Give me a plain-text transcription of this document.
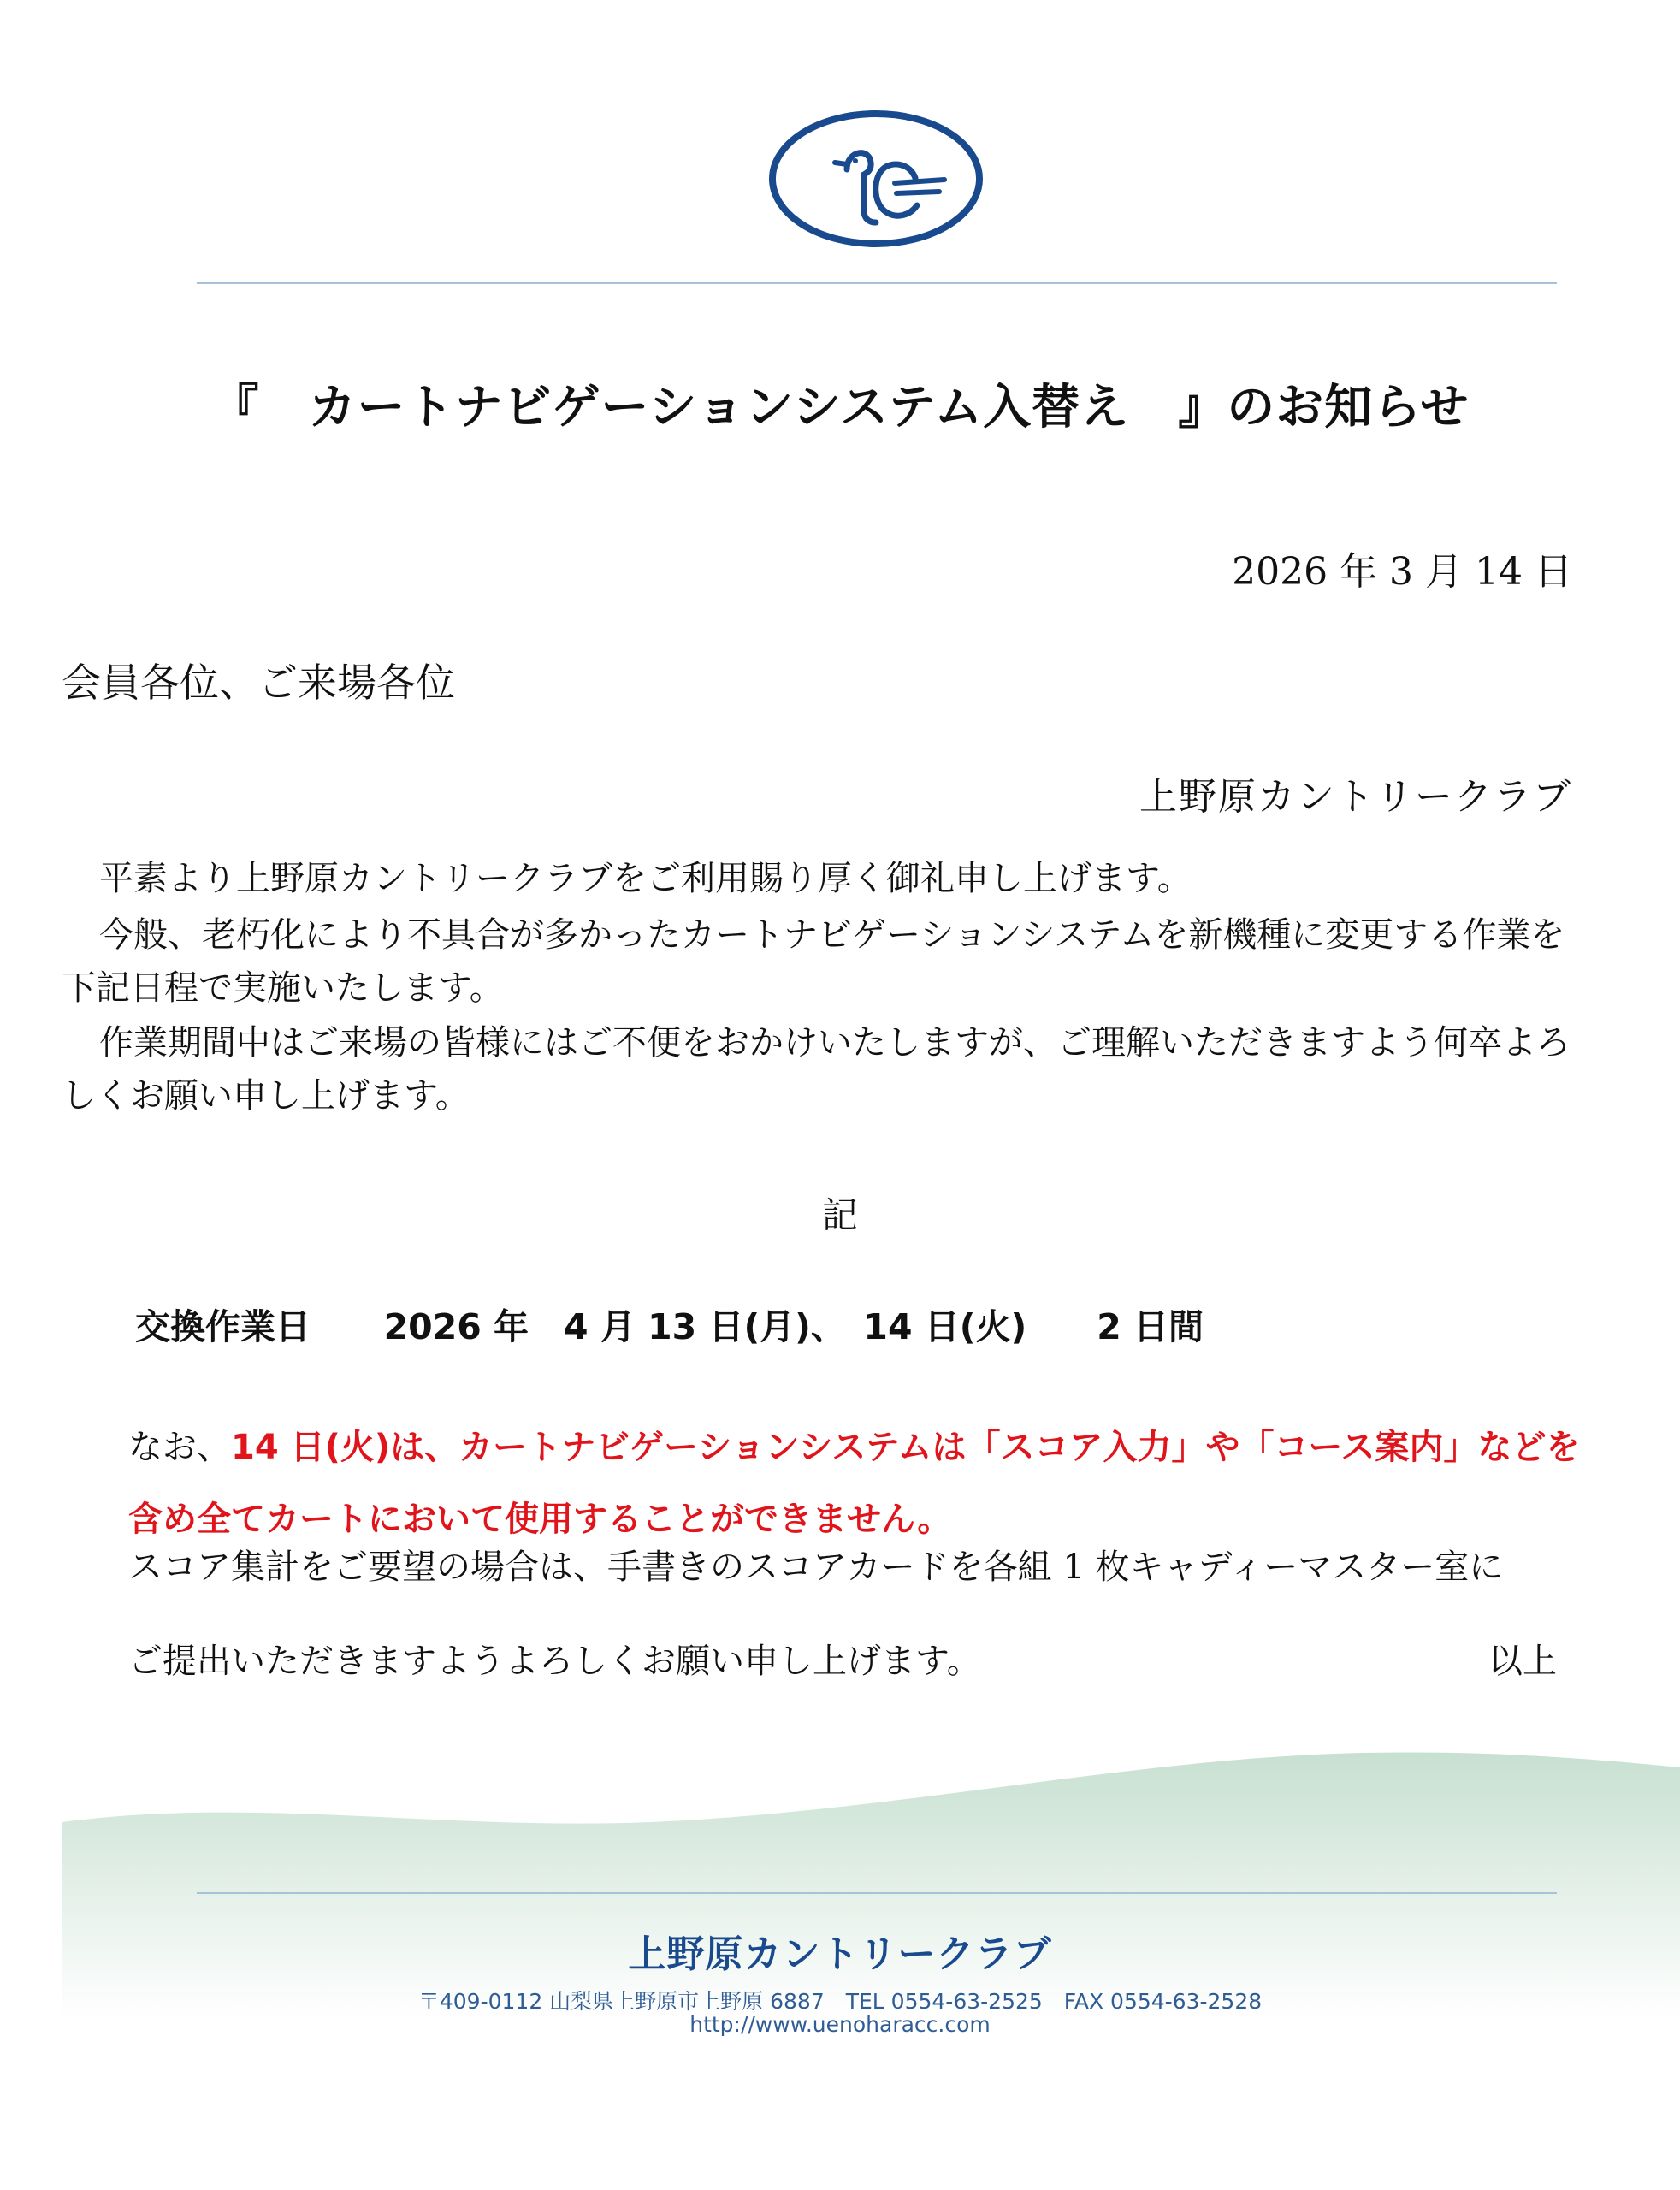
『　カートナビゲーションシステム入替え　』のお知らせ
2026 年 3 月 14 日
会員各位、ご来場各位
上野原カントリークラブ
平素より上野原カントリークラブをご利用賜り厚く御礼申し上げます。
今般、老朽化により不具合が多かったカートナビゲーションシステムを新機種に変更する作業を下記日程で実施いたします。
作業期間中はご来場の皆様にはご不便をおかけいたしますが、ご理解いただきますよう何卒よろしくお願い申し上げます。
記
交換作業日 2026 年　4 月 13 日(月)、　14 日(火)　　2 日間
なお、14 日(火)は、カートナビゲーションシステムは「スコア入力」や「コース案内」などを含め全てカートにおいて使用することができません。
スコア集計をご要望の場合は、手書きのスコアカードを各組 1 枚キャディーマスター室に
ご提出いただきますようよろしくお願い申し上げます。	以上
上野原カントリークラブ
〒409-0112 山梨県上野原市上野原 6887　TEL 0554-63-2525　FAX 0554-63-2528
http://www.uenoharacc.com
